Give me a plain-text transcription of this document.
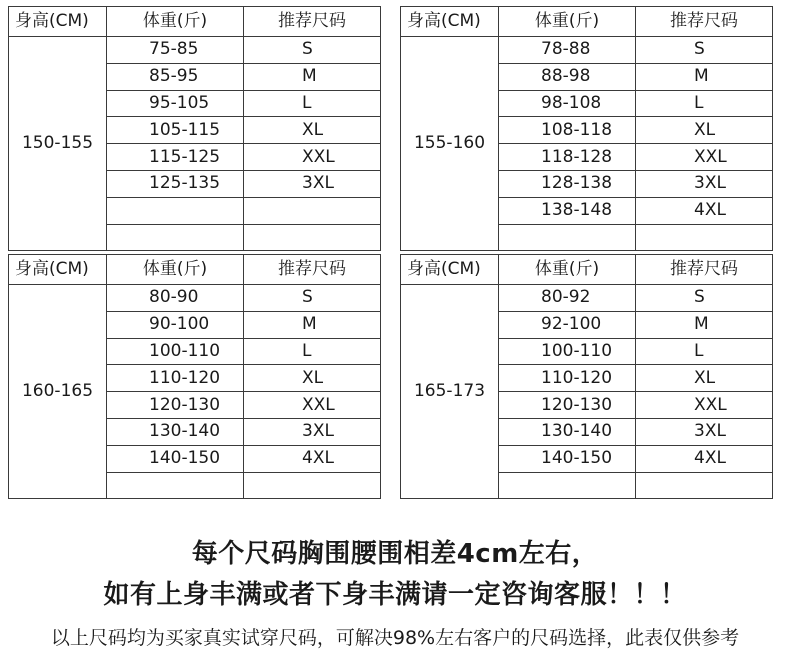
身高(CM)	体重(斤)	推荐尺码
150-155	75-85	S
	85-95	M
	95-105	L
	105-115	XL
	115-125	XXL
	125-135	3XL

身高(CM)	体重(斤)	推荐尺码
155-160	78-88	S
	88-98	M
	98-108	L
	108-118	XL
	118-128	XXL
	128-138	3XL
	138-148	4XL

身高(CM)	体重(斤)	推荐尺码
160-165	80-90	S
	90-100	M
	100-110	L
	110-120	XL
	120-130	XXL
	130-140	3XL
	140-150	4XL

身高(CM)	体重(斤)	推荐尺码
165-173	80-92	S
	92-100	M
	100-110	L
	110-120	XL
	120-130	XXL
	130-140	3XL
	140-150	4XL

每个尺码胸围腰围相差4cm左右，
如有上身丰满或者下身丰满请一定咨询客服！！！
以上尺码均为买家真实试穿尺码，可解决98%左右客户的尺码选择，此表仅供参考
